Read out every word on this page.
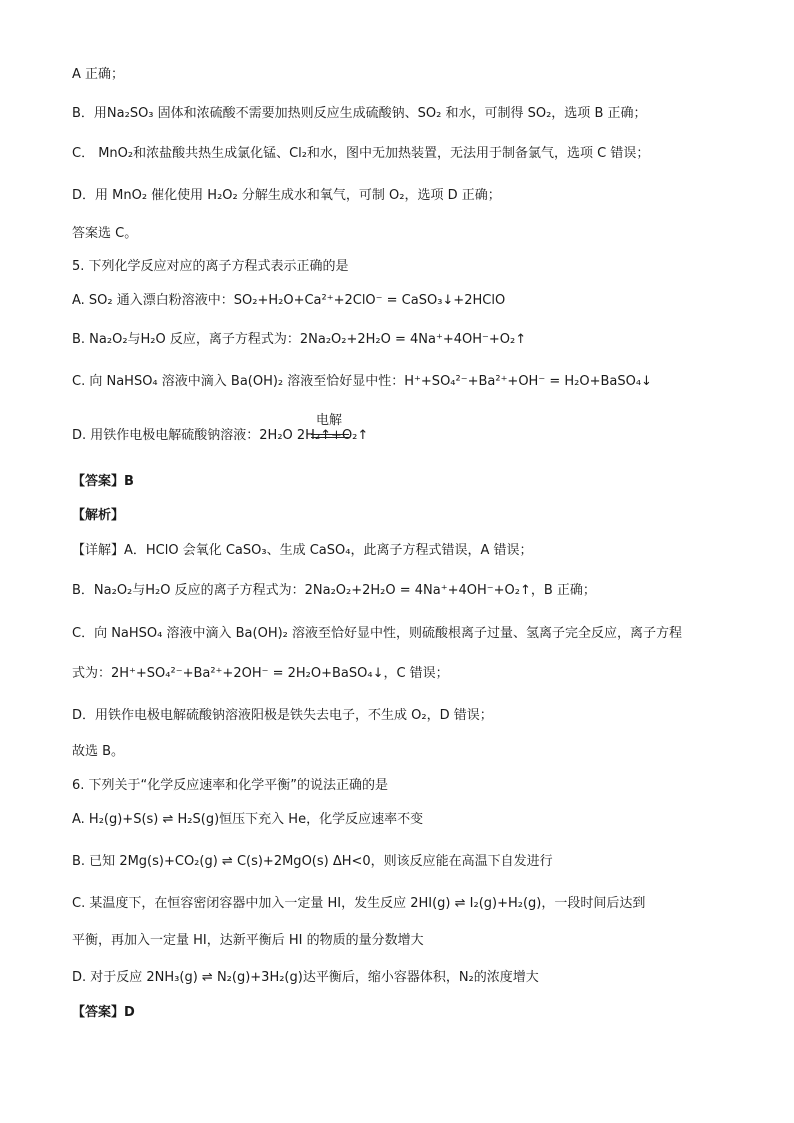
A 正确；
B．用Na₂SO₃ 固体和浓硫酸不需要加热则反应生成硫酸钠、SO₂ 和水，可制得 SO₂，选项 B 正确；
C． MnO₂和浓盐酸共热生成氯化锰、Cl₂和水，图中无加热装置，无法用于制备氯气，选项 C 错误；
D．用 MnO₂ 催化使用 H₂O₂ 分解生成水和氧气，可制 O₂，选项 D 正确；
答案选 C。
5. 下列化学反应对应的离子方程式表示正确的是
A. SO₂ 通入漂白粉溶液中：SO₂+H₂O+Ca²⁺+2ClO⁻ = CaSO₃↓+2HClO
B. Na₂O₂与H₂O 反应，离子方程式为：2Na₂O₂+2H₂O = 4Na⁺+4OH⁻+O₂↑
C. 向 NaHSO₄ 溶液中滴入 Ba(OH)₂ 溶液至恰好显中性：H⁺+SO₄²⁻+Ba²⁺+OH⁻ = H₂O+BaSO₄↓
D. 用铁作电极电解硫酸钠溶液：2H₂O 2H₂↑+O₂↑
电解
【答案】B
【解析】
【详解】A．HClO 会氧化 CaSO₃、生成 CaSO₄，此离子方程式错误，A 错误；
B．Na₂O₂与H₂O 反应的离子方程式为：2Na₂O₂+2H₂O = 4Na⁺+4OH⁻+O₂↑，B 正确；
C．向 NaHSO₄ 溶液中滴入 Ba(OH)₂ 溶液至恰好显中性，则硫酸根离子过量、氢离子完全反应，离子方程
式为：2H⁺+SO₄²⁻+Ba²⁺+2OH⁻ = 2H₂O+BaSO₄↓，C 错误；
D．用铁作电极电解硫酸钠溶液阳极是铁失去电子，不生成 O₂，D 错误；
故选 B。
6. 下列关于“化学反应速率和化学平衡”的说法正确的是
A. H₂(g)+S(s) ⇌ H₂S(g)恒压下充入 He，化学反应速率不变
B. 已知 2Mg(s)+CO₂(g) ⇌ C(s)+2MgO(s) ΔH<0，则该反应能在高温下自发进行
C. 某温度下，在恒容密闭容器中加入一定量 HI，发生反应 2HI(g) ⇌ I₂(g)+H₂(g)，一段时间后达到
平衡，再加入一定量 HI，达新平衡后 HI 的物质的量分数增大
D. 对于反应 2NH₃(g) ⇌ N₂(g)+3H₂(g)达平衡后，缩小容器体积，N₂的浓度增大
【答案】D
